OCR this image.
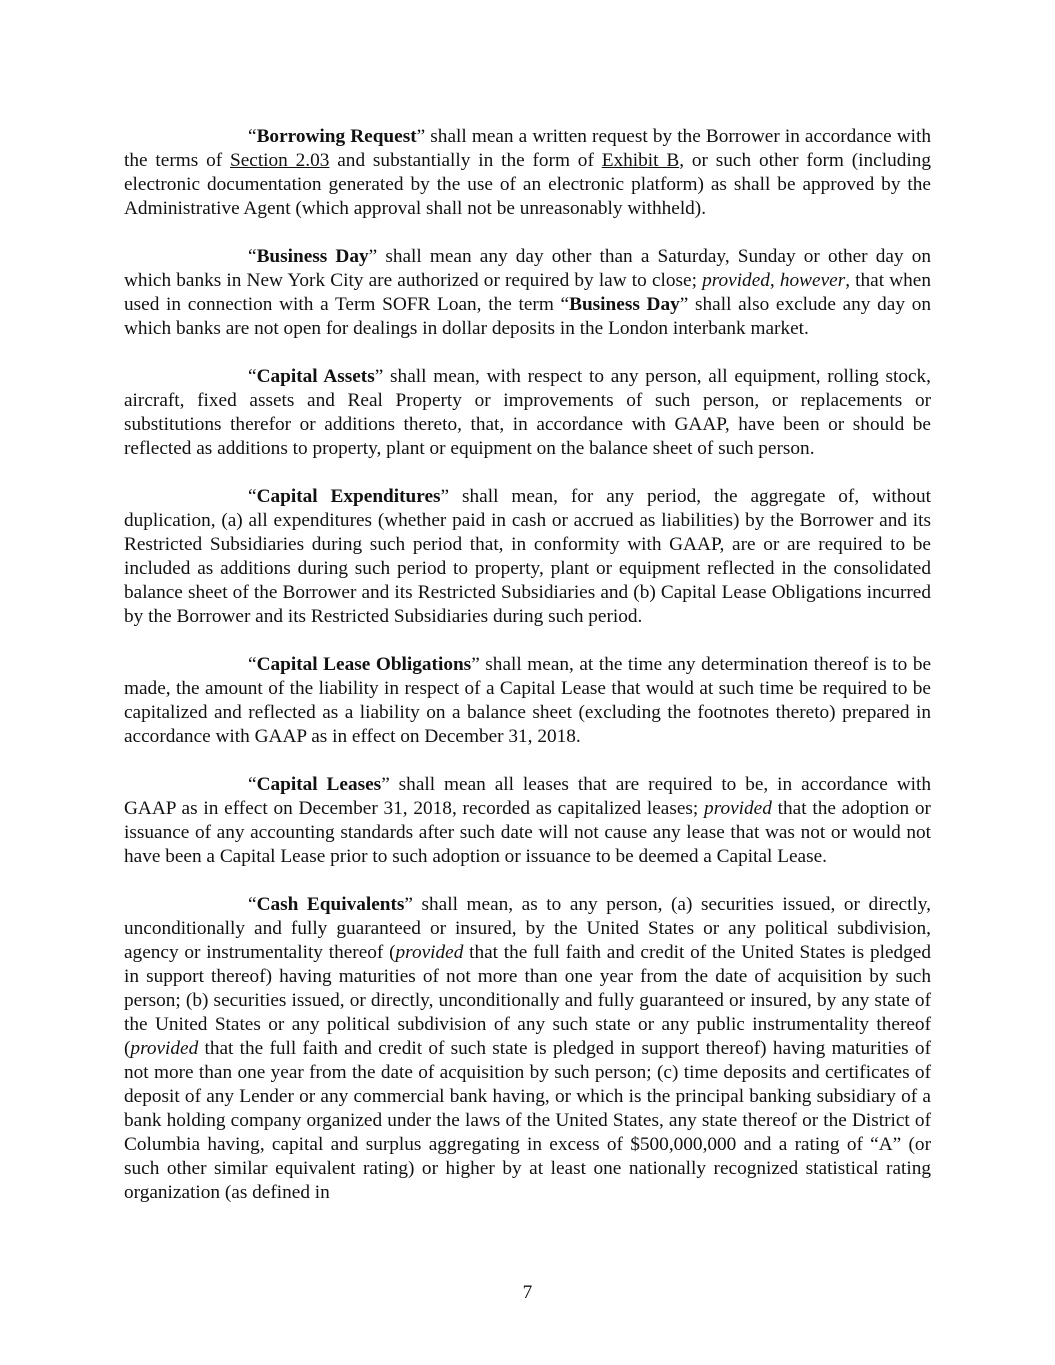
“Borrowing Request” shall mean a written request by the Borrower in accordance with the terms of Section 2.03 and substantially in the form of Exhibit B, or such other form (including electronic documentation generated by the use of an electronic platform) as shall be approved by the Administrative Agent (which approval shall not be unreasonably withheld).

“Business Day” shall mean any day other than a Saturday, Sunday or other day on which banks in New York City are authorized or required by law to close; provided, however, that when used in connection with a Term SOFR Loan, the term “Business Day” shall also exclude any day on which banks are not open for dealings in dollar deposits in the London interbank market.

“Capital Assets” shall mean, with respect to any person, all equipment, rolling stock, aircraft, fixed assets and Real Property or improvements of such person, or replacements or substitutions therefor or additions thereto, that, in accordance with GAAP, have been or should be reflected as additions to property, plant or equipment on the balance sheet of such person.

“Capital Expenditures” shall mean, for any period, the aggregate of, without duplication, (a) all expenditures (whether paid in cash or accrued as liabilities) by the Borrower and its Restricted Subsidiaries during such period that, in conformity with GAAP, are or are required to be included as additions during such period to property, plant or equipment reflected in the consolidated balance sheet of the Borrower and its Restricted Subsidiaries and (b) Capital Lease Obligations incurred by the Borrower and its Restricted Subsidiaries during such period.

“Capital Lease Obligations” shall mean, at the time any determination thereof is to be made, the amount of the liability in respect of a Capital Lease that would at such time be required to be capitalized and reflected as a liability on a balance sheet (excluding the footnotes thereto) prepared in accordance with GAAP as in effect on December 31, 2018.

“Capital Leases” shall mean all leases that are required to be, in accordance with GAAP as in effect on December 31, 2018, recorded as capitalized leases; provided that the adoption or issuance of any accounting standards after such date will not cause any lease that was not or would not have been a Capital Lease prior to such adoption or issuance to be deemed a Capital Lease.

“Cash Equivalents” shall mean, as to any person, (a) securities issued, or directly, unconditionally and fully guaranteed or insured, by the United States or any political subdivision, agency or instrumentality thereof (provided that the full faith and credit of the United States is pledged in support thereof) having maturities of not more than one year from the date of acquisition by such person; (b) securities issued, or directly, unconditionally and fully guaranteed or insured, by any state of the United States or any political subdivision of any such state or any public instrumentality thereof (provided that the full faith and credit of such state is pledged in support thereof) having maturities of not more than one year from the date of acquisition by such person; (c) time deposits and certificates of deposit of any Lender or any commercial bank having, or which is the principal banking subsidiary of a bank holding company organized under the laws of the United States, any state thereof or the District of Columbia having, capital and surplus aggregating in excess of $500,000,000 and a rating of “A” (or such other similar equivalent rating) or higher by at least one nationally recognized statistical rating organization (as defined in

7
